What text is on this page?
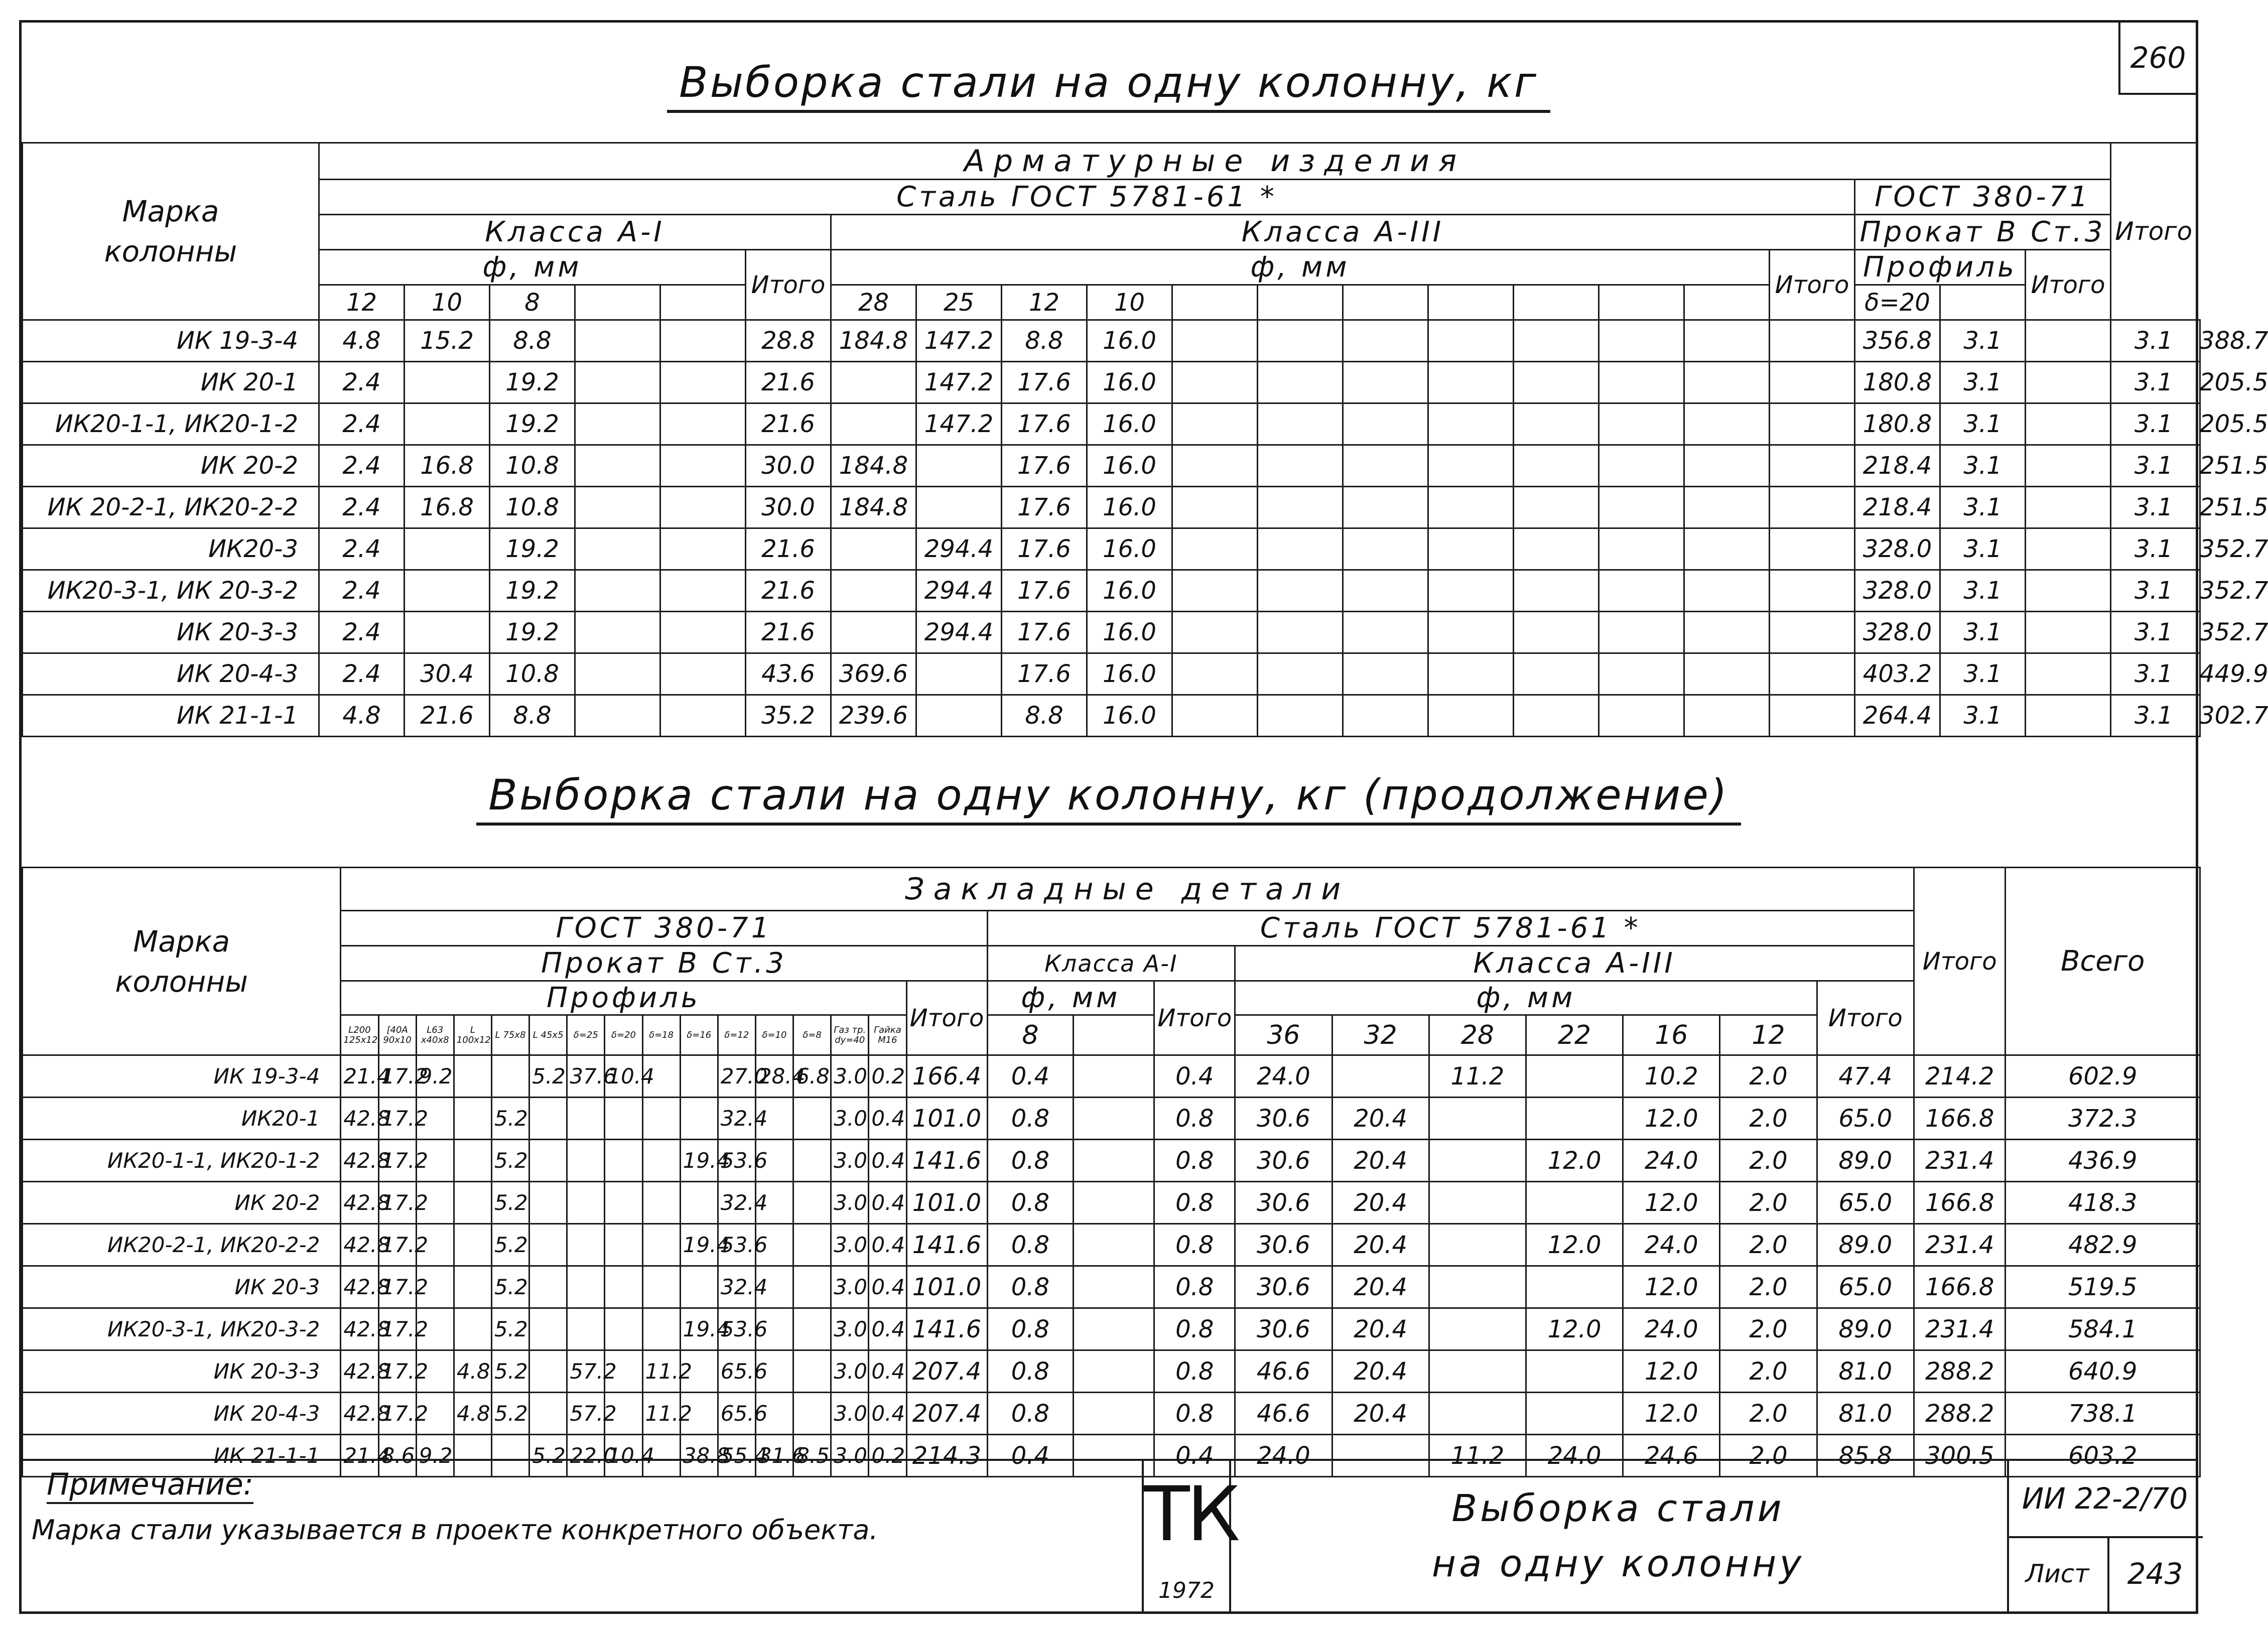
260
Выборка стали на одну колонну, кг
Марка
колонны	Арматурные изделия																					Итого	
	Сталь ГОСТ 5781-61 *																		ГОСТ 380-71				
	Класса А-I						Класса А-III												Прокат В Ст.3				
	ф, мм					Итого	ф, мм											Итого	Профиль		Итого		
	12	10	8				28	25	12	10									δ=20				
ИК 19-3-4	4.8	15.2	8.8			28.8	184.8	147.2	8.8	16.0									356.8	3.1		3.1	388.7
ИК 20-1	2.4		19.2			21.6		147.2	17.6	16.0									180.8	3.1		3.1	205.5
ИК20-1-1, ИК20-1-2	2.4		19.2			21.6		147.2	17.6	16.0									180.8	3.1		3.1	205.5
ИК 20-2	2.4	16.8	10.8			30.0	184.8		17.6	16.0									218.4	3.1		3.1	251.5
ИК 20-2-1, ИК20-2-2	2.4	16.8	10.8			30.0	184.8		17.6	16.0									218.4	3.1		3.1	251.5
ИК20-3	2.4		19.2			21.6		294.4	17.6	16.0									328.0	3.1		3.1	352.7
ИК20-3-1, ИК 20-3-2	2.4		19.2			21.6		294.4	17.6	16.0									328.0	3.1		3.1	352.7
ИК 20-3-3	2.4		19.2			21.6		294.4	17.6	16.0									328.0	3.1		3.1	352.7
ИК 20-4-3	2.4	30.4	10.8			43.6	369.6		17.6	16.0									403.2	3.1		3.1	449.9
ИК 21-1-1	4.8	21.6	8.8			35.2	239.6		8.8	16.0									264.4	3.1		3.1	302.7
Выборка стали на одну колонну, кг (продолжение)
Марка
колонны	Закладные детали																										Итого	Всего
	ГОСТ 380-71																Сталь ГОСТ 5781-61 *											
	Прокат В Ст.3																Класса А-I			Класса А-III								
	Профиль															Итого	ф, мм		Итого	ф, мм						Итого		
	L200 125х12	[40А 90х10	L63 х40х8	L 100х12	L 75х8	L 45х5	δ=25	δ=20	δ=18	δ=16	δ=12	δ=10	δ=8	Газ тр. dу=40	Гайка М16		8			36	32	28	22	16	12			
ИК 19-3-4	21.4	17.2	9.2			5.2	37.6	10.4			27.0	28.4	6.8	3.0	0.2	166.4	0.4		0.4	24.0		11.2		10.2	2.0	47.4	214.2	602.9
ИК20-1	42.8	17.2			5.2						32.4			3.0	0.4	101.0	0.8		0.8	30.6	20.4			12.0	2.0	65.0	166.8	372.3
ИК20-1-1, ИК20-1-2	42.8	17.2			5.2					19.4	53.6			3.0	0.4	141.6	0.8		0.8	30.6	20.4		12.0	24.0	2.0	89.0	231.4	436.9
ИК 20-2	42.8	17.2			5.2						32.4			3.0	0.4	101.0	0.8		0.8	30.6	20.4			12.0	2.0	65.0	166.8	418.3
ИК20-2-1, ИК20-2-2	42.8	17.2			5.2					19.4	53.6			3.0	0.4	141.6	0.8		0.8	30.6	20.4		12.0	24.0	2.0	89.0	231.4	482.9
ИК 20-3	42.8	17.2			5.2						32.4			3.0	0.4	101.0	0.8		0.8	30.6	20.4			12.0	2.0	65.0	166.8	519.5
ИК20-3-1, ИК20-3-2	42.8	17.2			5.2					19.4	53.6			3.0	0.4	141.6	0.8		0.8	30.6	20.4		12.0	24.0	2.0	89.0	231.4	584.1
ИК 20-3-3	42.8	17.2		4.8	5.2		57.2		11.2		65.6			3.0	0.4	207.4	0.8		0.8	46.6	20.4			12.0	2.0	81.0	288.2	640.9
ИК 20-4-3	42.8	17.2		4.8	5.2		57.2		11.2		65.6			3.0	0.4	207.4	0.8		0.8	46.6	20.4			12.0	2.0	81.0	288.2	738.1
ИК 21-1-1	21.4	8.6	9.2			5.2	22.0	10.4		38.8	55.4	31.6	8.5	3.0	0.2	214.3	0.4		0.4	24.0		11.2	24.0	24.6	2.0	85.8	300.5	603.2
Примечание:
Марка стали указывается в проекте конкретного объекта.	ТК
1972
Выборка стали
на одну колонну
ИИ 22-2/70
Лист	243
